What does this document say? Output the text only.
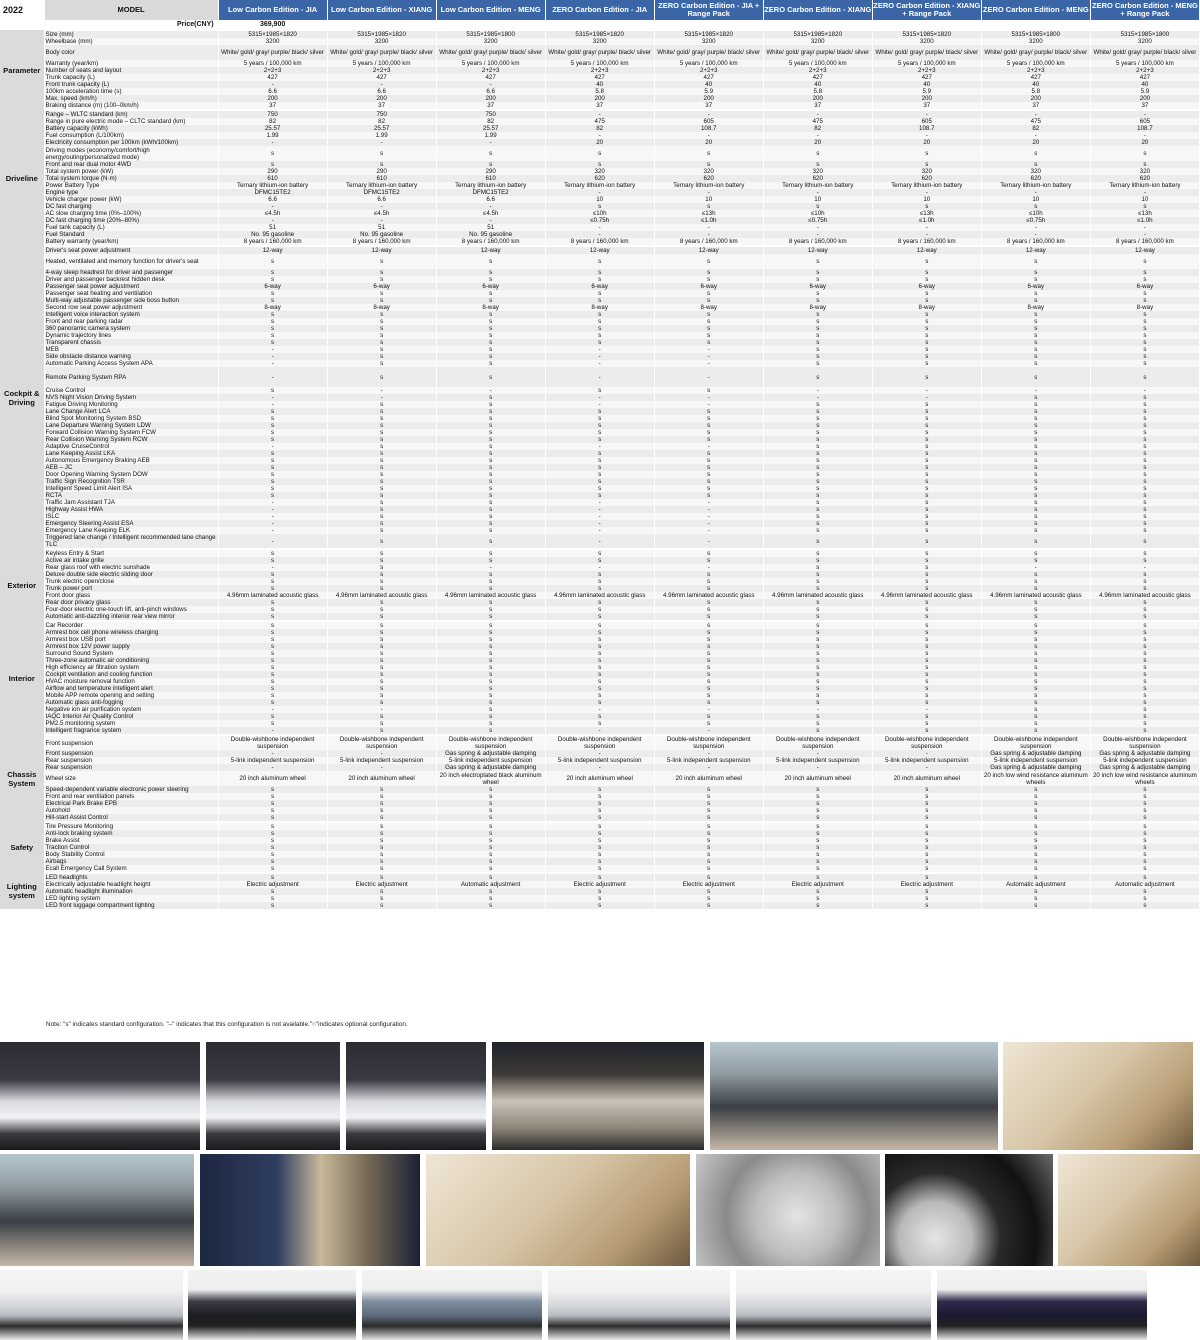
2022	MODEL	Low Carbon Edition - JIA	Low Carbon Edition - XIANG	Low Carbon Edition - MENG	ZERO Carbon Edition - JIA	ZERO Carbon Edition - JIA + Range Pack	ZERO Carbon Edition - XIANG	ZERO Carbon Edition - XIANG + Range Pack	ZERO Carbon Edition - MENG	ZERO Carbon Edition - MENG + Range Pack
	Price(CNY)	369,900								
Parameter	Size (mm)	5315×1985×1820	5315×1985×1820	5315×1985×1800	5315×1985×1820	5315×1985×1820	5315×1985×1820	5315×1985×1820	5315×1985×1800	5315×1985×1800
	Wheelbase (mm)	3200	3200	3200	3200	3200	3200	3200	3200	3200
	Body color	White/ gold/ gray/ purple/ black/ silver	White/ gold/ gray/ purple/ black/ silver	White/ gold/ gray/ purple/ black/ silver	White/ gold/ gray/ purple/ black/ silver	White/ gold/ gray/ purple/ black/ silver	White/ gold/ gray/ purple/ black/ silver	White/ gold/ gray/ purple/ black/ silver	White/ gold/ gray/ purple/ black/ silver	White/ gold/ gray/ purple/ black/ silver
	Warranty (year/km)	5 years / 100,000 km	5 years / 100,000 km	5 years / 100,000 km	5 years / 100,000 km	5 years / 100,000 km	5 years / 100,000 km	5 years / 100,000 km	5 years / 100,000 km	5 years / 100,000 km
	Number of seats and layout	2+2+3	2+2+3	2+2+3	2+2+3	2+2+3	2+2+3	2+2+3	2+2+3	2+2+3
	Trunk capacity (L)	427	427	427	427	427	427	427	427	427
	Front trunk capacity (L)	-	-	-	40	40	40	40	40	40
	100km acceleration time (s)	6.6	6.6	6.6	5.8	5.9	5.8	5.9	5.8	5.9
	Max. speed (km/h)	200	200	200	200	200	200	200	200	200
	Braking distance (m) (100–0km/h)	37	37	37	37	37	37	37	37	37
Driveline	Range – WLTC standard (km)	750	750	750	-	-	-	-	-	-
	Range in pure electric mode – CLTC standard (km)	82	82	82	475	605	475	605	475	605
	Battery capacity (kWh)	25.57	25.57	25.57	82	108.7	82	108.7	82	108.7
	Fuel consumption (L/100km)	1.99	1.99	1.99	-	-	-	-	-	-
	Electricity consumption per 100km (kWh/100km)	-	-	-	20	20	20	20	20	20
	Driving modes (economy/comfort/high energy/outing/personalized mode)	s	s	s	s	s	s	s	s	s
	Front and rear dual motor 4WD	s	s	s	s	s	s	s	s	s
	Total system power (kW)	290	290	290	320	320	320	320	320	320
	Total system torque (N·m)	610	610	610	620	620	620	620	620	620
	Power Battery Type	Ternary lithium-ion battery	Ternary lithium-ion battery	Ternary lithium-ion battery	Ternary lithium-ion battery	Ternary lithium-ion battery	Ternary lithium-ion battery	Ternary lithium-ion battery	Ternary lithium-ion battery	Ternary lithium-ion battery
	Engine type	DFMC15TE2	DFMC15TE2	DFMC15TE2	-	-	-	-	-	-
	Vehicle charger power (kW)	6.6	6.6	6.6	10	10	10	10	10	10
	DC fast charging	-	-	-	s	s	s	s	s	s
	AC slow charging time (0%–100%)	≤4.5h	≤4.5h	≤4.5h	≤10h	≤13h	≤10h	≤13h	≤10h	≤13h
	DC fast charging time (20%–80%)	-	-	-	≤0.75h	≤1.0h	≤0.75h	≤1.0h	≤0.75h	≤1.0h
	Fuel tank capacity (L)	51	51	51	-	-	-	-	-	-
	Fuel Standard	No. 95 gasoline	No. 95 gasoline	No. 95 gasoline	-	-	-	-	-	-
	Battery warranty (year/km)	8 years / 160,000 km	8 years / 160,000 km	8 years / 160,000 km	8 years / 160,000 km	8 years / 160,000 km	8 years / 160,000 km	8 years / 160,000 km	8 years / 160,000 km	8 years / 160,000 km
Cockpit & Driving	Driver's seat power adjustment	12-way	12-way	12-way	12-way	12-way	12-way	12-way	12-way	12-way
	Heated, ventilated and memory function for driver's seat	s	s	s	s	s	s	s	s	s
	4-way sleep headrest for driver and passenger	s	s	s	s	s	s	s	s	s
	Driver and passenger backrest hidden desk	s	s	s	s	s	s	s	s	s
	Passenger seat power adjustment	6-way	6-way	6-way	6-way	6-way	6-way	6-way	6-way	6-way
	Passenger seat heating and ventilation	s	s	s	s	s	s	s	s	s
	Multi-way adjustable passenger side boss button	s	s	s	s	s	s	s	s	s
	Second row seat power adjustment	8-way	8-way	8-way	8-way	8-way	8-way	8-way	8-way	8-way
	Intelligent voice interaction system	s	s	s	s	s	s	s	s	s
	Front and rear parking radar	s	s	s	s	s	s	s	s	s
	360 panoramic camera system	s	s	s	s	s	s	s	s	s
	Dynamic trajectory lines	s	s	s	s	s	s	s	s	s
	Transparent chassis	s	s	s	s	s	s	s	s	s
	MEB	-	s	s	-	-	s	s	s	s
	Side obstacle distance warning	-	s	s	-	-	s	s	s	s
	Automatic Parking Access System APA	-	s	s	-	-	s	s	s	s
	Remote Parking System RPA	-	s	s	-	-	s	s	s	s
	Cruise Control	s	-	-	s	s	-	-	-	-
	NVS Night Vision Driving System	-	-	s	-	-	-	-	s	s
	Fatigue Driving Monitoring	-	s	s	-	-	s	s	s	s
	Lane Change Alert LCA	s	s	s	s	s	s	s	s	s
	Blind Spot Monitoring System BSD	s	s	s	s	s	s	s	s	s
	Lane Departure Warning System LDW	s	s	s	s	s	s	s	s	s
	Forward Collision Warning System FCW	s	s	s	s	s	s	s	s	s
	Rear Collision Warning System RCW	s	s	s	s	s	s	s	s	s
	Adaptive CruiseControl	-	s	s	-	-	s	s	s	s
	Lane Keeping Assist LKA	s	s	s	s	s	s	s	s	s
	Autonomous Emergency Braking AEB	s	s	s	s	s	s	s	s	s
	AEB – JC	s	s	s	s	s	s	s	s	s
	Door Opening Warning System DOW	s	s	s	s	s	s	s	s	s
	Traffic Sign Recognition TSR	s	s	s	s	s	s	s	s	s
	Intelligent Speed Limit Alert ISA	s	s	s	s	s	s	s	s	s
	RCTA	s	s	s	s	s	s	s	s	s
	Traffic Jam Assistant TJA	-	s	s	-	-	s	s	s	s
	Highway Assist HWA	-	s	s	-	-	s	s	s	s
	ISLC	-	s	s	-	-	s	s	s	s
	Emergency Steering Assist ESA	-	s	s	-	-	s	s	s	s
	Emergency Lane Keeping ELK	-	s	s	-	-	s	s	s	s
	Triggered lane change / Intelligent recommended lane change TLC	-	s	s	-	-	s	s	s	s
Exterior	Keyless Entry & Start	s	s	s	s	s	s	s	s	s
	Active air intake grille	s	s	s	s	s	s	s	s	s
	Rear glass roof with electric sunshade	-	s	-	-	-	s	s	-	-
	Deluxe double side electric sliding door	s	s	s	s	s	s	s	s	s
	Trunk electric open/close	s	s	s	s	s	s	s	s	s
	Trunk power port	s	s	s	s	s	s	s	s	s
	Front door glass	4.96mm laminated acoustic glass	4.96mm laminated acoustic glass	4.96mm laminated acoustic glass	4.96mm laminated acoustic glass	4.96mm laminated acoustic glass	4.96mm laminated acoustic glass	4.96mm laminated acoustic glass	4.96mm laminated acoustic glass	4.96mm laminated acoustic glass
	Rear door privacy glass	s	s	s	s	s	s	s	s	s
	Four-door electric one-touch lift, anti-pinch windows	s	s	s	s	s	s	s	s	s
	Automatic anti-dazzling interior rear view mirror	s	s	s	s	s	s	s	s	s
Interior	Car Recorder	s	s	s	s	s	s	s	s	s
	Armrest box cell phone wireless charging	s	s	s	s	s	s	s	s	s
	Armrest box USB port	s	s	s	s	s	s	s	s	s
	Armrest box 12V power supply	s	s	s	s	s	s	s	s	s
	Surround Sound System	s	s	s	s	s	s	s	s	s
	Three-zone automatic air conditioning	s	s	s	s	s	s	s	s	s
	High efficiency air filtration system	s	s	s	s	s	s	s	s	s
	Cockpit ventilation and cooling function	s	s	s	s	s	s	s	s	s
	HVAC moisture removal function	s	s	s	s	s	s	s	s	s
	Airflow and temperature intelligent alert	s	s	s	s	s	s	s	s	s
	Mobile APP remote opening and setting	s	s	s	s	s	s	s	s	s
	Automatic glass anti-fogging	s	s	s	s	s	s	s	s	s
	Negative ion air purification system	-	-	s	-	-	-	-	s	s
	IAQC Interior Air Quality Control	s	s	s	s	s	s	s	s	s
	PM2.5 monitoring system	s	s	s	s	s	s	s	s	s
	Intelligent fragrance system	-	s	s	-	-	s	s	s	s
Chassis System	Front suspension	Double-wishbone independent suspension	Double-wishbone independent suspension	Double-wishbone independent suspension	Double-wishbone independent suspension	Double-wishbone independent suspension	Double-wishbone independent suspension	Double-wishbone independent suspension	Double-wishbone independent suspension	Double-wishbone independent suspension
	Front suspension	-	-	Gas spring & adjustable damping	-	-	-	-	Gas spring & adjustable damping	Gas spring & adjustable damping
	Rear suspension	5-link independent suspension	5-link independent suspension	5-link independent suspension	5-link independent suspension	5-link independent suspension	5-link independent suspension	5-link independent suspension	5-link independent suspension	5-link independent suspension
	Rear suspension	-	-	Gas spring & adjustable damping	-	-	-	-	Gas spring & adjustable damping	Gas spring & adjustable damping
	Wheel size	20 inch aluminum wheel	20 inch aluminum wheel	20 inch electroplated black aluminum wheel	20 inch aluminum wheel	20 inch aluminum wheel	20 inch aluminum wheel	20 inch aluminum wheel	20 inch low wind resistance aluminum wheels	20 inch low wind resistance aluminum wheels
	Speed-dependent variable electronic power steering	s	s	s	s	s	s	s	s	s
	Front and rear ventilation panels	s	s	s	s	s	s	s	s	s
	Electrical Park Brake EPB	s	s	s	s	s	s	s	s	s
	Autohold	s	s	s	s	s	s	s	s	s
	Hill-start Assist Control	s	s	s	s	s	s	s	s	s
Safety	Tire Pressure Monitoring	s	s	s	s	s	s	s	s	s
	Anti-lock braking system	s	s	s	s	s	s	s	s	s
	Brake Assist	s	s	s	s	s	s	s	s	s
	Traction Control	s	s	s	s	s	s	s	s	s
	Body Stability Control	s	s	s	s	s	s	s	s	s
	Airbags	s	s	s	s	s	s	s	s	s
	Ecall Emergency Call System	s	s	s	s	s	s	s	s	s
Lighting system	LED headlights	s	s	s	s	s	s	s	s	s
	Electrically adjustable headlight height	Electric adjustment	Electric adjustment	Automatic adjustment	Electric adjustment	Electric adjustment	Electric adjustment	Electric adjustment	Automatic adjustment	Automatic adjustment
	Automatic headlight illumination	s	s	s	s	s	s	s	s	s
	LED lighting system	s	s	s	s	s	s	s	s	s
	LED front luggage compartment lighting	s	s	s	s	s	s	s	s	s
Note: "s" indicates standard configuration. "–" indicates that this configuration is not available."○"indicates optional configuration.
